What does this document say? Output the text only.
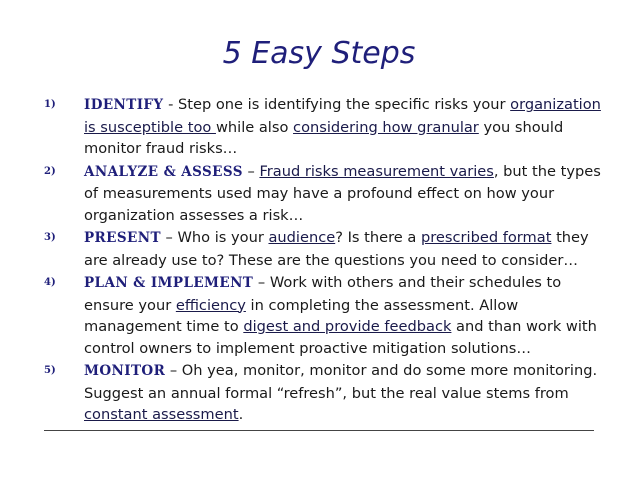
5 Easy Steps
1) IDENTIFY - Step one is identifying the specific risks your organization is susceptible too while also considering how granular you should monitor fraud risks…
2) ANALYZE & ASSESS – Fraud risks measurement varies, but the types of measurements used may have a profound effect on how your organization assesses a risk…
3) PRESENT – Who is your audience? Is there a prescribed format they are already use to? These are the questions you need to consider…
4) PLAN & IMPLEMENT – Work with others and their schedules to ensure your efficiency in completing the assessment. Allow management time to digest and provide feedback and than work with control owners to implement proactive mitigation solutions…
5) MONITOR – Oh yea, monitor, monitor and do some more monitoring. Suggest an annual formal “refresh”, but the real value stems from constant assessment.
